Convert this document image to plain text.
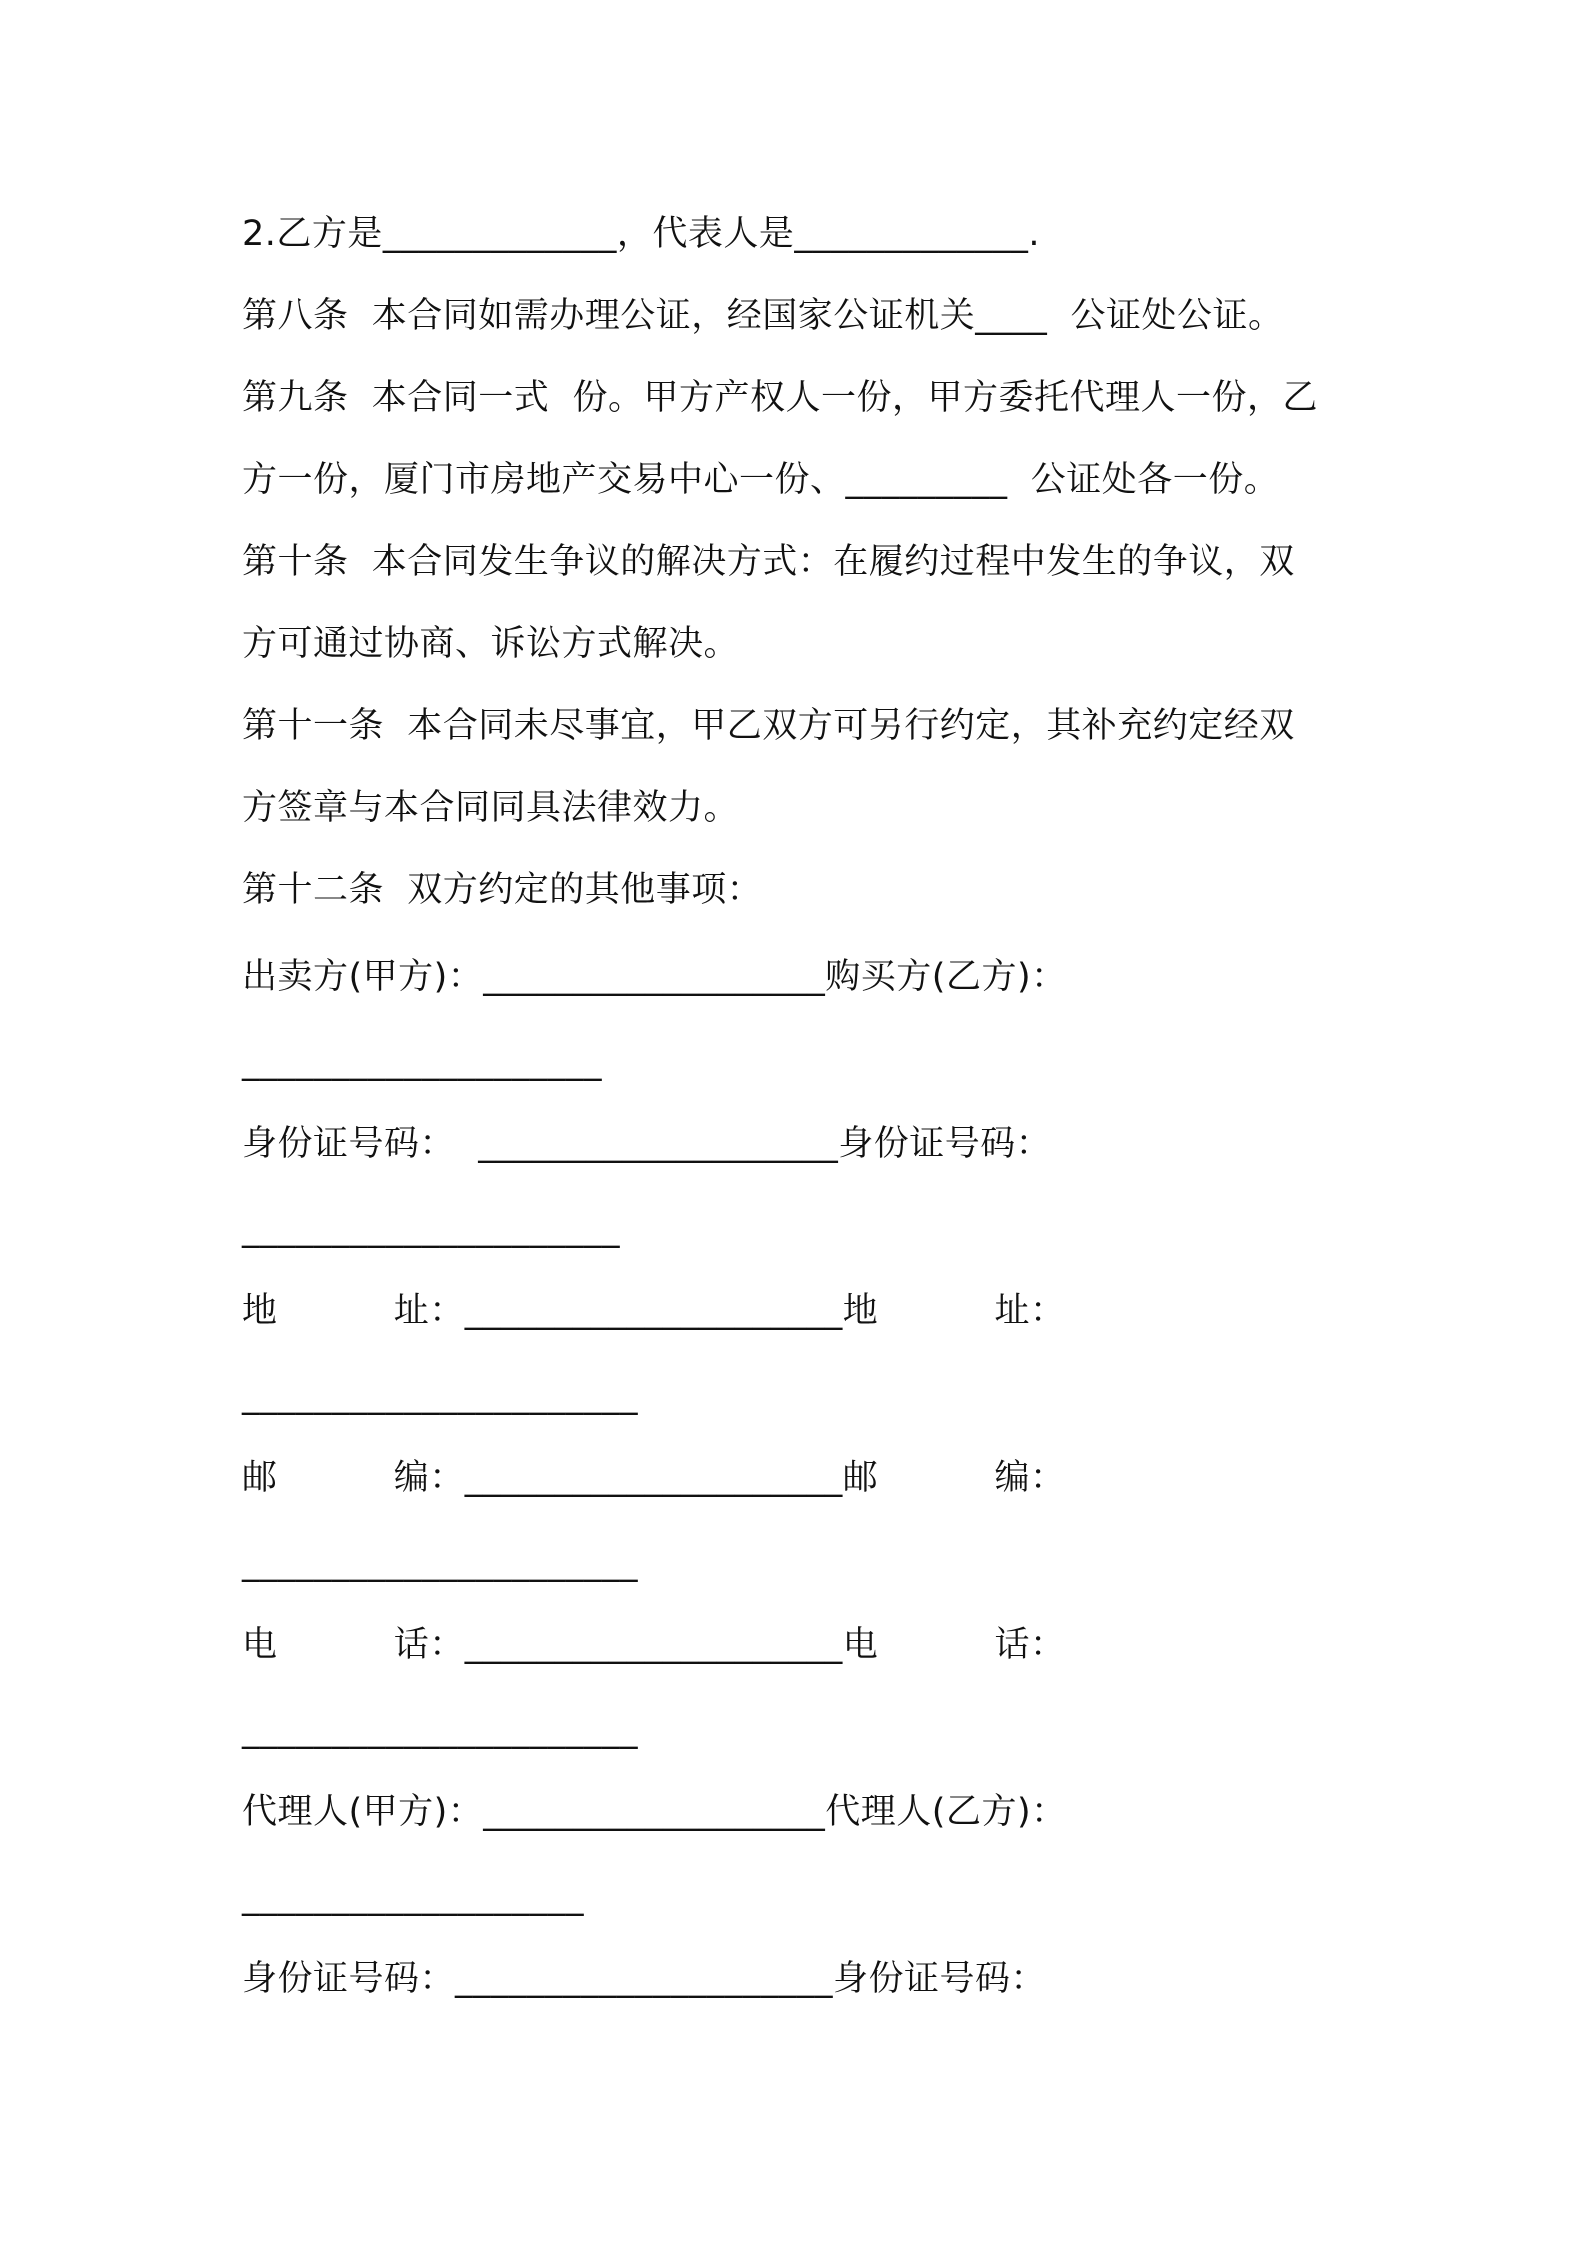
2.乙方是_____________，代表人是_____________.
第八条  本合同如需办理公证，经国家公证机关____  公证处公证。
第九条  本合同一式  份。甲方产权人一份，甲方委托代理人一份，乙
方一份，厦门市房地产交易中心一份、_________  公证处各一份。
第十条  本合同发生争议的解决方式：在履约过程中发生的争议，双
方可通过协商、诉讼方式解决。
第十一条  本合同未尽事宜，甲乙双方可另行约定，其补充约定经双
方签章与本合同同具法律效力。
第十二条  双方约定的其他事项：
出卖方(甲方)：___________________购买方(乙方)：
____________________
身份证号码：  ____________________身份证号码：
_____________________
地          址：_____________________地          址：
______________________
邮          编：_____________________邮          编：
______________________
电          话：_____________________电          话：
______________________
代理人(甲方)：___________________代理人(乙方)：
___________________
身份证号码：_____________________身份证号码：
